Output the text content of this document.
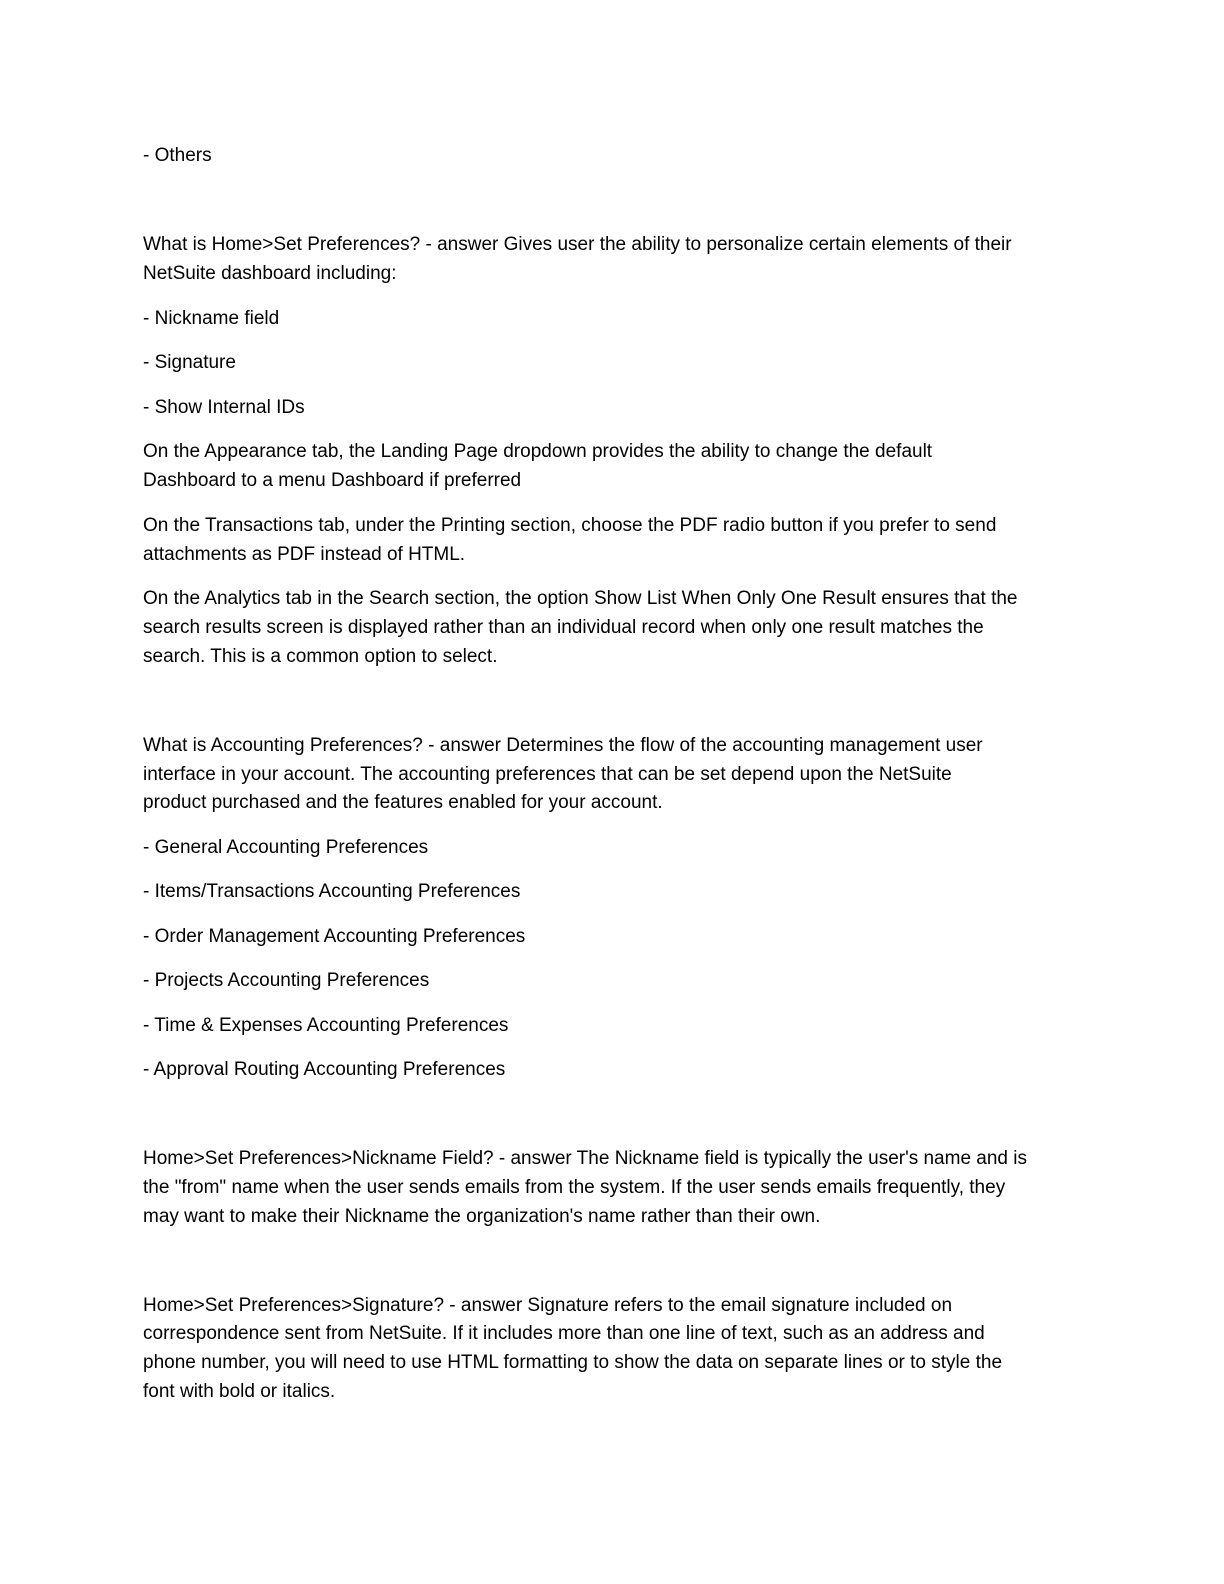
- Others
What is Home>Set Preferences? - answer Gives user the ability to personalize certain elements of their
NetSuite dashboard including:
- Nickname field
- Signature
- Show Internal IDs
On the Appearance tab, the Landing Page dropdown provides the ability to change the default
Dashboard to a menu Dashboard if preferred
On the Transactions tab, under the Printing section, choose the PDF radio button if you prefer to send
attachments as PDF instead of HTML.
On the Analytics tab in the Search section, the option Show List When Only One Result ensures that the
search results screen is displayed rather than an individual record when only one result matches the
search. This is a common option to select.
What is Accounting Preferences? - answer Determines the flow of the accounting management user
interface in your account. The accounting preferences that can be set depend upon the NetSuite
product purchased and the features enabled for your account.
- General Accounting Preferences
- Items/Transactions Accounting Preferences
- Order Management Accounting Preferences
- Projects Accounting Preferences
- Time & Expenses Accounting Preferences
- Approval Routing Accounting Preferences
Home>Set Preferences>Nickname Field? - answer The Nickname field is typically the user's name and is
the "from" name when the user sends emails from the system. If the user sends emails frequently, they
may want to make their Nickname the organization's name rather than their own.
Home>Set Preferences>Signature? - answer Signature refers to the email signature included on
correspondence sent from NetSuite. If it includes more than one line of text, such as an address and
phone number, you will need to use HTML formatting to show the data on separate lines or to style the
font with bold or italics.
